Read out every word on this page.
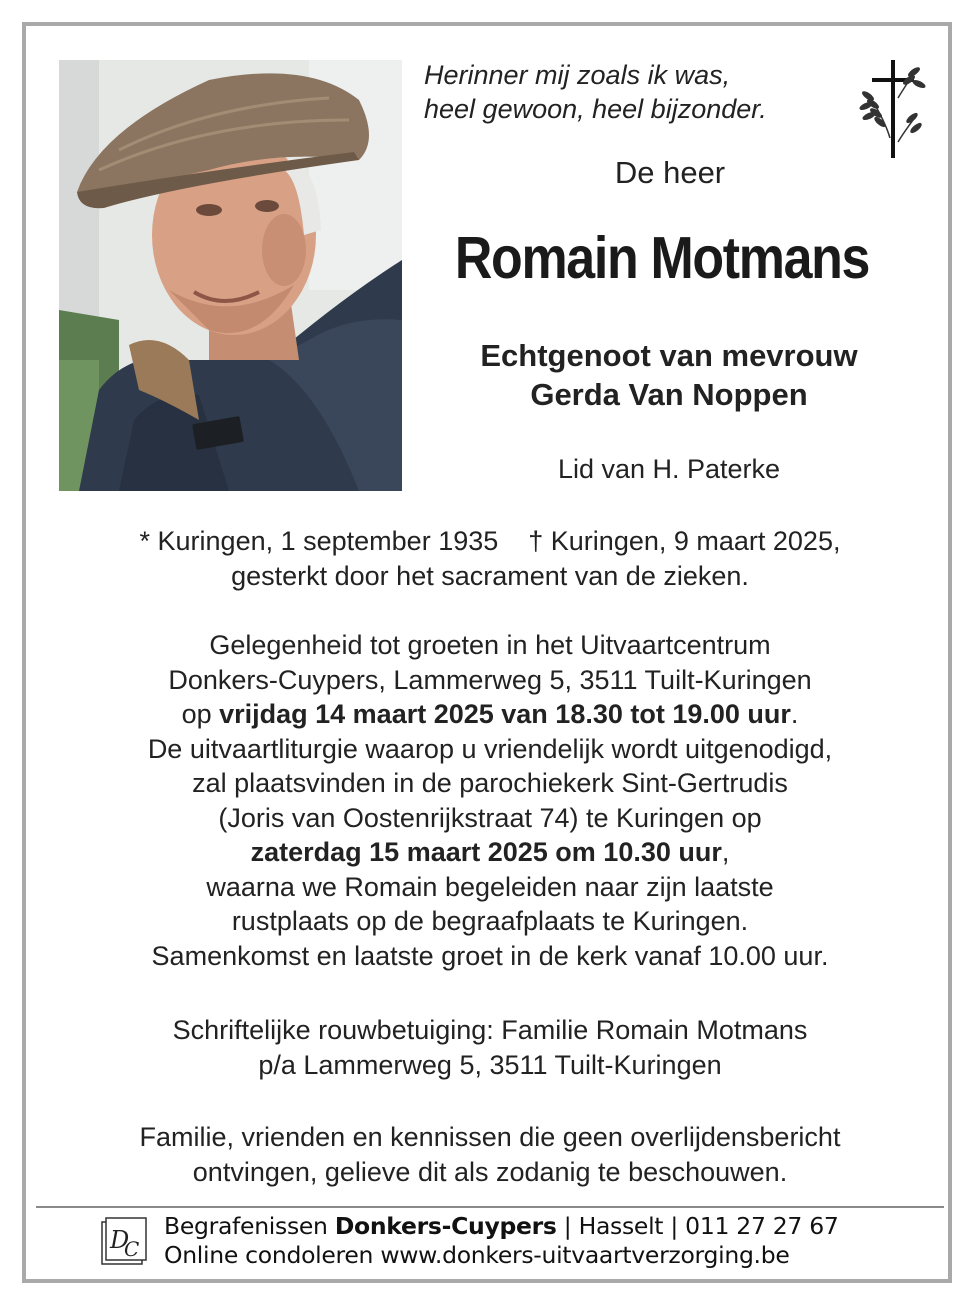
Herinner mij zoals ik was,
heel gewoon, heel bijzonder.
De heer
Romain Motmans
Echtgenoot van mevrouw
Gerda Van Noppen
Lid van H. Paterke
* Kuringen, 1 september 1935 † Kuringen, 9 maart 2025,
gesterkt door het sacrament van de zieken.
Gelegenheid tot groeten in het Uitvaartcentrum
Donkers-Cuypers, Lammerweg 5, 3511 Tuilt-Kuringen
op vrijdag 14 maart 2025 van 18.30 tot 19.00 uur.
De uitvaartliturgie waarop u vriendelijk wordt uitgenodigd,
zal plaatsvinden in de parochiekerk Sint-Gertrudis
(Joris van Oostenrijkstraat 74) te Kuringen op
zaterdag 15 maart 2025 om 10.30 uur,
waarna we Romain begeleiden naar zijn laatste
rustplaats op de begraafplaats te Kuringen.
Samenkomst en laatste groet in de kerk vanaf 10.00 uur.
Schriftelijke rouwbetuiging: Familie Romain Motmans
p/a Lammerweg 5, 3511 Tuilt-Kuringen
Familie, vrienden en kennissen die geen overlijdensbericht
ontvingen, gelieve dit als zodanig te beschouwen.
D
C
Begrafenissen Donkers-Cuypers | Hasselt | 011 27 27 67
Online condoleren www.donkers-uitvaartverzorging.be
